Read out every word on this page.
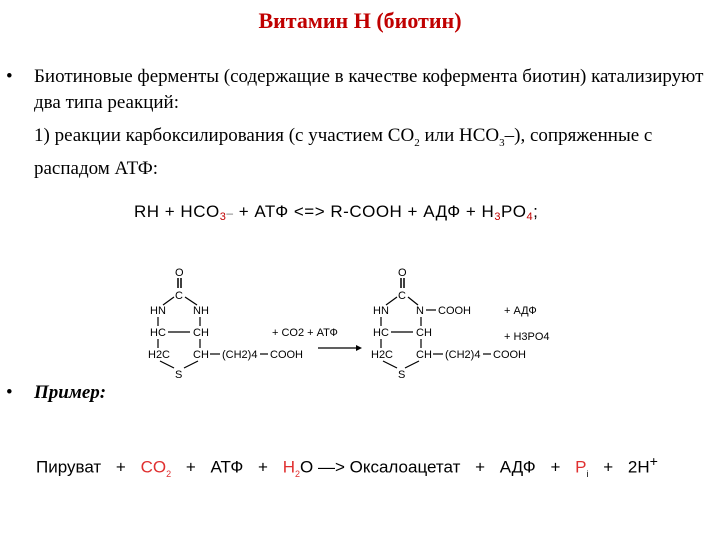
Витамин Н (биотин)
• Биотиновые ферменты (содержащие в качестве кофермента биотин) катализируют два типа реакций:
1) реакции карбоксилирования (с участием $СО_2$ или $НСО_3-$), сопряженные с распадом АТФ:
RH + HCO3– + АТФ <=> R-COOH + АДФ + H3PO4;
O
C
HN NH
HC CH
H2C CH (CH2)4 COOH
S
+ CO2 + АТФ
O
C
HN N COOH
HC CH
H2C CH (CH2)4 COOH
S
+ АДФ
+ H3PO4
• Пример:
Пируват + $CO_2$ + АТФ + $H_2O$ —> Оксалоацетат + АДФ + $P_i + 2H^+$
